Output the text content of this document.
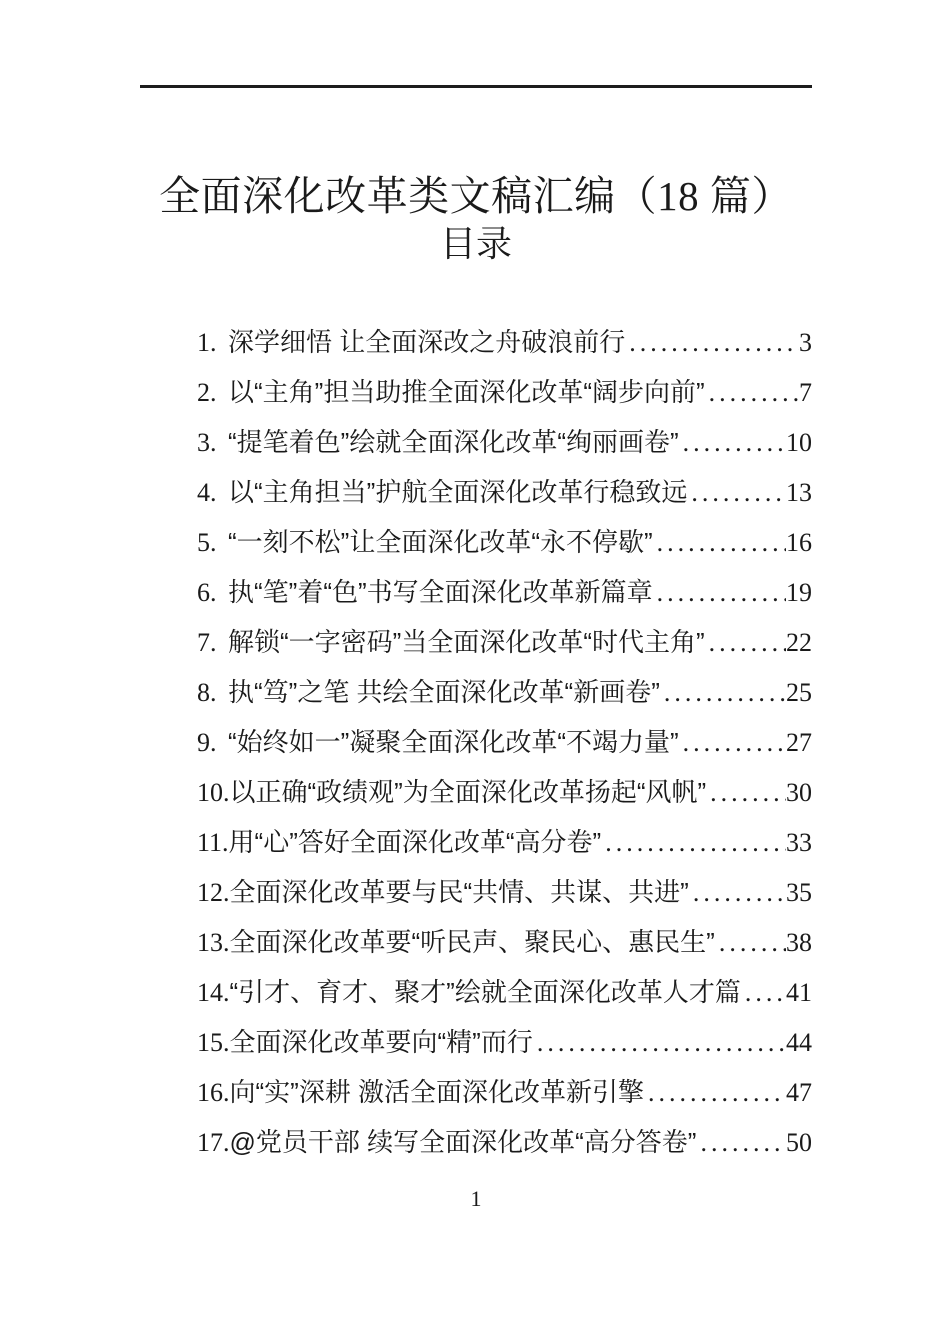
全面深化改革类文稿汇编（18 篇）
目录
1. 深学细悟 让全面深改之舟破浪前行 .....	3
2. 以“主角”担当助推全面深化改革“阔步向前” .....	7
3. “提笔着色”绘就全面深化改革“绚丽画卷” .....	10
4. 以“主角担当”护航全面深化改革行稳致远 .....	13
5. “一刻不松”让全面深化改革“永不停歇” .....	16
6. 执“笔”着“色”书写全面深化改革新篇章 .....	19
7. 解锁“一字密码”当全面深化改革“时代主角” .....	22
8. 执“笃”之笔 共绘全面深化改革“新画卷” .....	25
9. “始终如一”凝聚全面深化改革“不竭力量” .....	27
10. 以正确“政绩观”为全面深化改革扬起“风帆” .....	30
11. 用“心”答好全面深化改革“高分卷” .....	33
12. 全面深化改革要与民“共情、共谋、共进” .....	35
13. 全面深化改革要“听民声、聚民心、惠民生” .....	38
14. “引才、育才、聚才”绘就全面深化改革人才篇 ..... 41
15. 全面深化改革要向“精”而行 .....	44
16. 向“实”深耕 激活全面深化改革新引擎 .....	47
17. @党员干部 续写全面深化改革“高分答卷” .....	50
1
